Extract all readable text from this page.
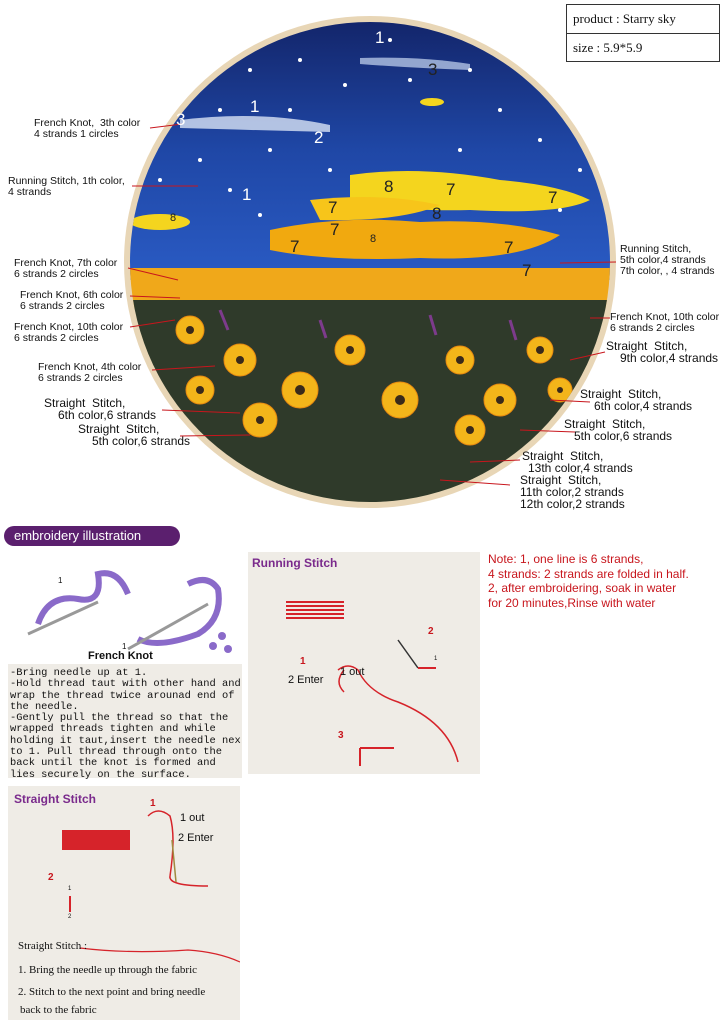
product : Starry sky
size : 5.9*5.9
1
3
1
3
2
1	8	7
8
7
7
7
8
8
7	7
7
French Knot,  3th color
4 strands 1 circles
Running Stitch, 1th color,
4 strands
French Knot, 7th color
6 strands 2 circles
French Knot, 6th color
6 strands 2 circles
French Knot, 10th color
6 strands 2 circles
French Knot, 4th color
6 strands 2 circles
Straight  Stitch,
6th color,6 strands
Straight  Stitch,
5th color,6 strands
Running Stitch,
5th color,4 strands
7th color, , 4 strands
French Knot, 10th color
6 strands 2 circles
Straight  Stitch,
9th color,4 strands
Straight  Stitch,
6th color,4 strands
Straight  Stitch,
5th color,6 strands
Straight  Stitch,
13th color,4 strands
Straight  Stitch,
11th color,2 strands
12th color,2 strands
embroidery illustration
1
1
French Knot
-Bring needle up at 1.
-Hold thread taut with other hand and
wrap the thread twice arounad end of
the needle.
-Gently pull the thread so that the
wrapped threads tighten and while
holding it taut,insert the needle nex
to 1. Pull thread through onto the
back until the knot is formed and
lies securely on the surface.
Running Stitch
2
1
1
1 out
2 Enter
3
Note: 1, one line is 6 strands,
4 strands: 2 strands are folded in half.
2, after embroidering, soak in water
for 20 minutes,Rinse with water
Straight Stitch	1
1 out
2 Enter
2
1
2
Straight Stitch :
1. Bring the needle up through the fabric
2. Stitch to the next point and bring needle
back to the fabric
